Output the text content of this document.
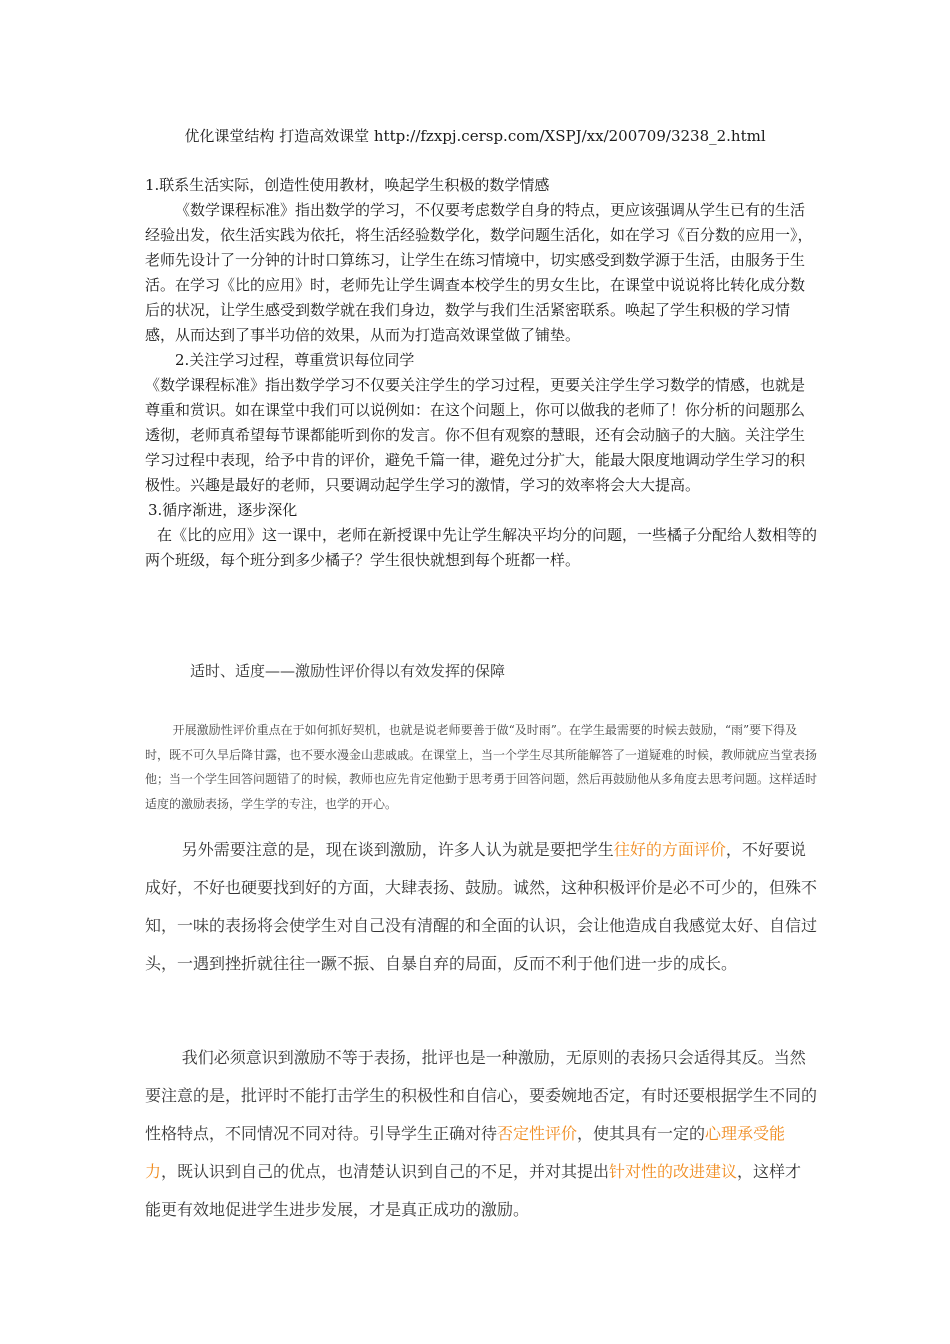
优化课堂结构 打造高效课堂 http://fzxpj.cersp.com/XSPJ/xx/200709/3238_2.html

1.联系生活实际，创造性使用教材，唤起学生积极的数学情感

《数学课程标准》指出数学的学习，不仅要考虑数学自身的特点，更应该强调从学生已有的生活经验出发，依生活实践为依托，将生活经验数学化，数学问题生活化，如在学习《百分数的应用一》，老师先设计了一分钟的计时口算练习，让学生在练习情境中，切实感受到数学源于生活，由服务于生活。在学习《比的应用》时，老师先让学生调查本校学生的男女生比，在课堂中说说将比转化成分数后的状况，让学生感受到数学就在我们身边，数学与我们生活紧密联系。唤起了学生积极的学习情感，从而达到了事半功倍的效果，从而为打造高效课堂做了铺垫。

2.关注学习过程，尊重赏识每位同学

《数学课程标准》指出数学学习不仅要关注学生的学习过程，更要关注学生学习数学的情感，也就是尊重和赏识。如在课堂中我们可以说例如：在这个问题上，你可以做我的老师了！你分析的问题那么透彻，老师真希望每节课都能听到你的发言。你不但有观察的慧眼，还有会动脑子的大脑。关注学生学习过程中表现，给予中肯的评价，避免千篇一律，避免过分扩大，能最大限度地调动学生学习的积极性。兴趣是最好的老师，只要调动起学生学习的激情，学习的效率将会大大提高。

3.循序渐进，逐步深化

在《比的应用》这一课中，老师在新授课中先让学生解决平均分的问题，一些橘子分配给人数相等的两个班级，每个班分到多少橘子？学生很快就想到每个班都一样。

适时、适度——激励性评价得以有效发挥的保障

开展激励性评价重点在于如何抓好契机，也就是说老师要善于做“及时雨”。在学生最需要的时候去鼓励，“雨”要下得及时，既不可久旱后降甘露，也不要水漫金山悲戚戚。在课堂上，当一个学生尽其所能解答了一道疑难的时候，教师就应当堂表扬他；当一个学生回答问题错了的时候，教师也应先肯定他勤于思考勇于回答问题，然后再鼓励他从多角度去思考问题。这样适时适度的激励表扬，学生学的专注，也学的开心。

另外需要注意的是，现在谈到激励，许多人认为就是要把学生往好的方面评价，不好要说成好，不好也硬要找到好的方面，大肆表扬、鼓励。诚然，这种积极评价是必不可少的，但殊不知，一味的表扬将会使学生对自己没有清醒的和全面的认识，会让他造成自我感觉太好、自信过头，一遇到挫折就往往一蹶不振、自暴自弃的局面，反而不利于他们进一步的成长。

我们必须意识到激励不等于表扬，批评也是一种激励，无原则的表扬只会适得其反。当然要注意的是，批评时不能打击学生的积极性和自信心，要委婉地否定，有时还要根据学生不同的性格特点，不同情况不同对待。引导学生正确对待否定性评价，使其具有一定的心理承受能力，既认识到自己的优点，也清楚认识到自己的不足，并对其提出针对性的改进建议，这样才能更有效地促进学生进步发展，才是真正成功的激励。
